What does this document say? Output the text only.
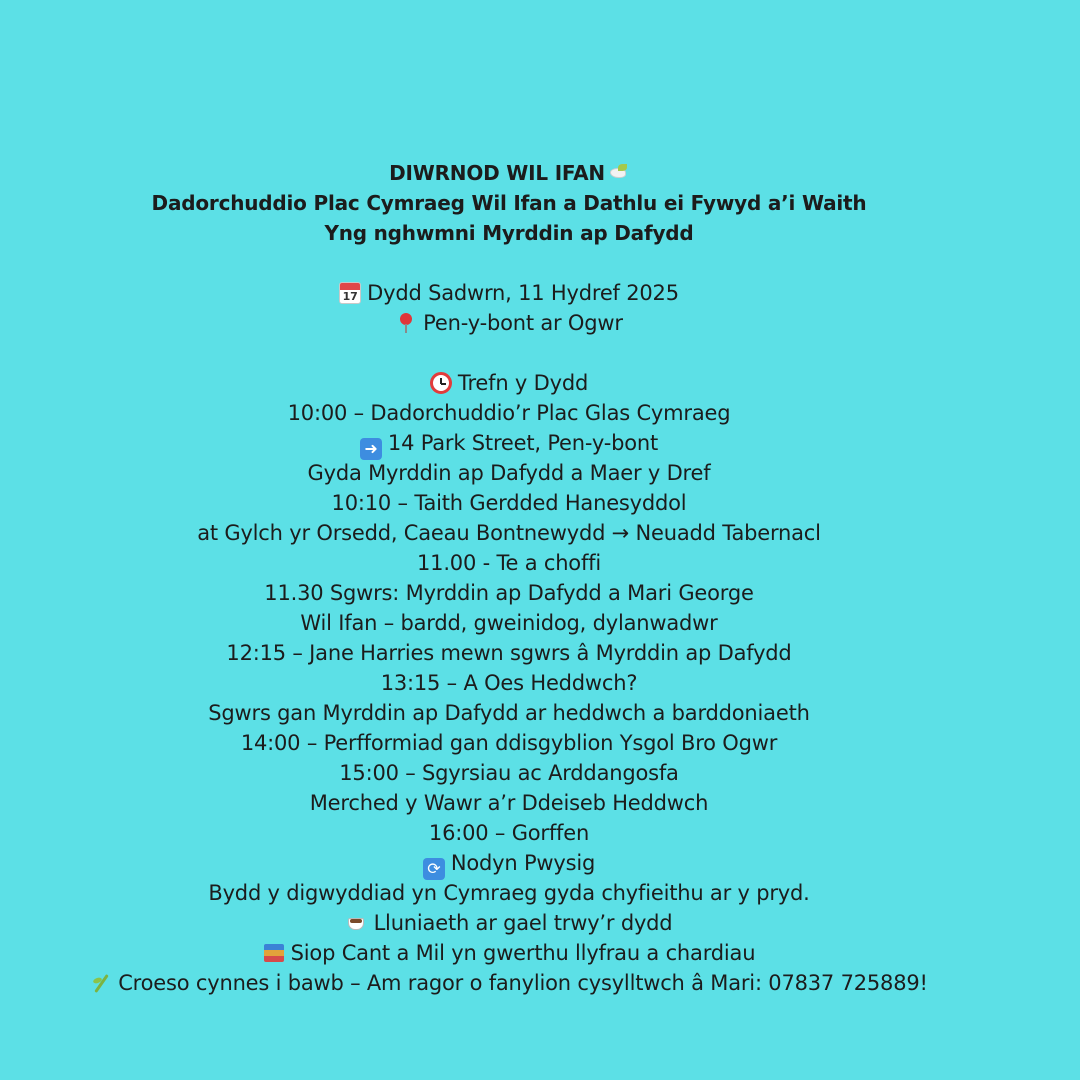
DIWRNOD WIL IFAN
Dadorchuddio Plac Cymraeg Wil Ifan a Dathlu ei Fywyd a’i Waith
Yng nghwmni Myrddin ap Dafydd
17Dydd Sadwrn, 11 Hydref 2025
Pen-y-bont ar Ogwr
Trefn y Dydd
10:00 – Dadorchuddio’r Plac Glas Cymraeg
➜ 14 Park Street, Pen-y-bont
Gyda Myrddin ap Dafydd a Maer y Dref
10:10 – Taith Gerdded Hanesyddol
at Gylch yr Orsedd, Caeau Bontnewydd → Neuadd Tabernacl
11.00 - Te a choffi
11.30 Sgwrs: Myrddin ap Dafydd a Mari George
Wil Ifan – bardd, gweinidog, dylanwadwr
12:15 – Jane Harries mewn sgwrs â Myrddin ap Dafydd
13:15 – A Oes Heddwch?
Sgwrs gan Myrddin ap Dafydd ar heddwch a barddoniaeth
14:00 – Perfformiad gan ddisgyblion Ysgol Bro Ogwr
15:00 – Sgyrsiau ac Arddangosfa
Merched y Wawr a’r Ddeiseb Heddwch
16:00 – Gorffen
⟳ Nodyn Pwysig
Bydd y digwyddiad yn Cymraeg gyda chyfieithu ar y pryd.
Lluniaeth ar gael trwy’r dydd
Siop Cant a Mil yn gwerthu llyfrau a chardiau
Croeso cynnes i bawb – Am ragor o fanylion cysylltwch â Mari: 07837 725889!
